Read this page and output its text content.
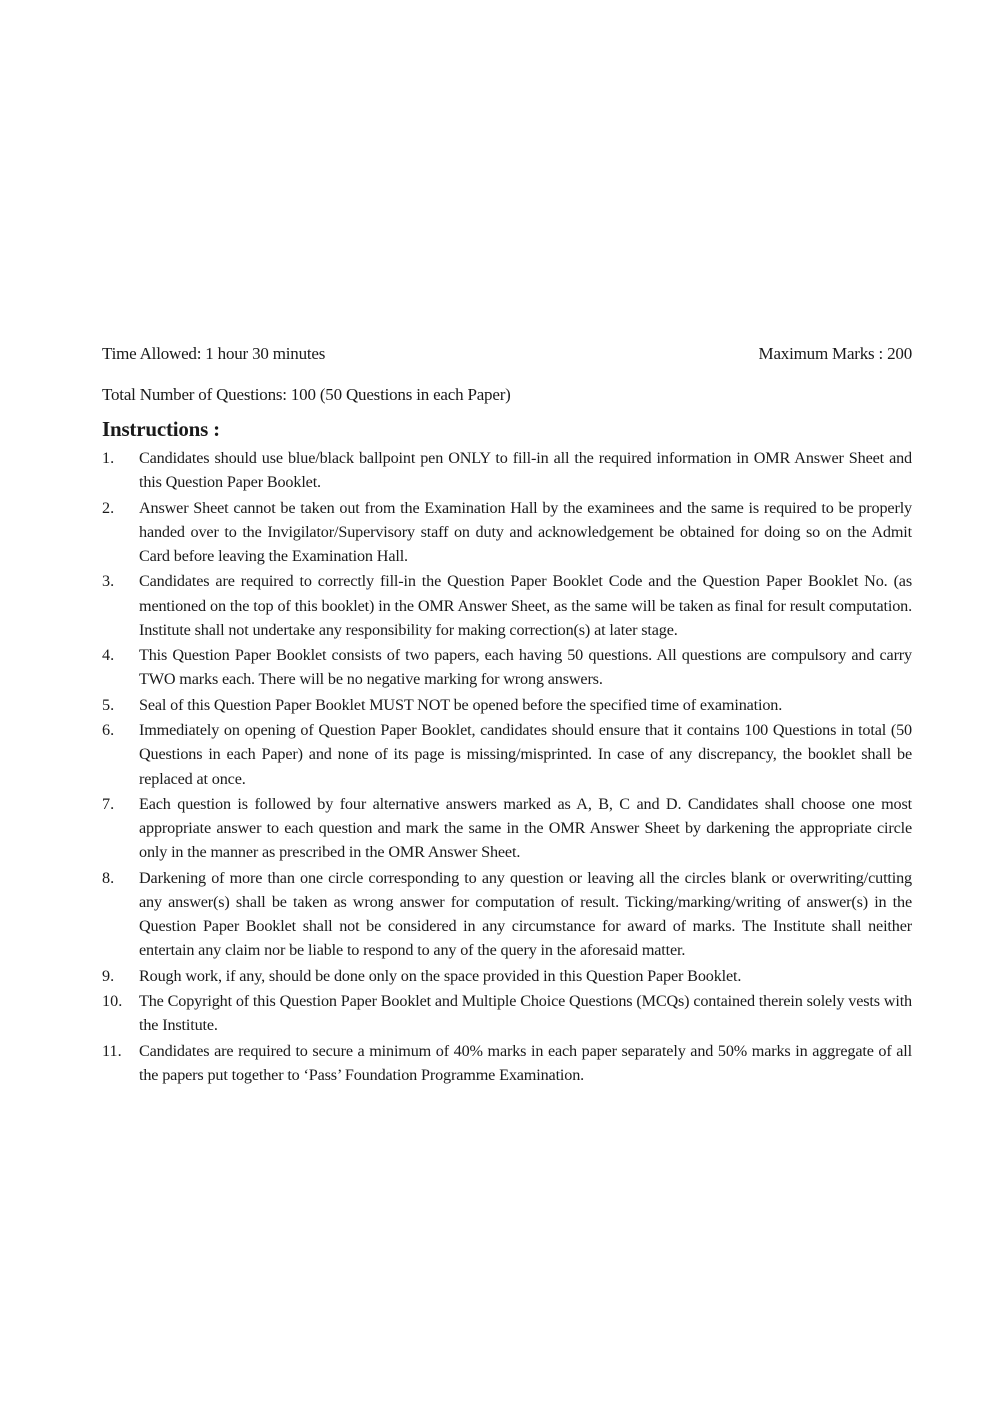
Time Allowed: 1 hour 30 minutes	Maximum Marks : 200
Total Number of Questions: 100 (50 Questions in each Paper)
Instructions :
1.	Candidates should use blue/black ballpoint pen ONLY to fill-in all the required information in OMR Answer Sheet and this Question Paper Booklet.
2.	Answer Sheet cannot be taken out from the Examination Hall by the examinees and the same is required to be properly handed over to the Invigilator/Supervisory staff on duty and acknowledgement be obtained for doing so on the Admit Card before leaving the Examination Hall.
3.	Candidates are required to correctly fill-in the Question Paper Booklet Code and the Question Paper Booklet No. (as mentioned on the top of this booklet) in the OMR Answer Sheet, as the same will be taken as final for result computation. Institute shall not undertake any responsibility for making correction(s) at later stage.
4.	This Question Paper Booklet consists of two papers, each having 50 questions. All questions are compulsory and carry TWO marks each. There will be no negative marking for wrong answers.
5.	Seal of this Question Paper Booklet MUST NOT be opened before the specified time of examination.
6.	Immediately on opening of Question Paper Booklet, candidates should ensure that it contains 100 Questions in total (50 Questions in each Paper) and none of its page is missing/misprinted. In case of any discrepancy, the booklet shall be replaced at once.
7.	Each question is followed by four alternative answers marked as A, B, C and D. Candidates shall choose one most appropriate answer to each question and mark the same in the OMR Answer Sheet by darkening the appropriate circle only in the manner as prescribed in the OMR Answer Sheet.
8.	Darkening of more than one circle corresponding to any question or leaving all the circles blank or overwriting/cutting any answer(s) shall be taken as wrong answer for computation of result. Ticking/marking/writing of answer(s) in the Question Paper Booklet shall not be considered in any circumstance for award of marks. The Institute shall neither entertain any claim nor be liable to respond to any of the query in the aforesaid matter.
9.	Rough work, if any, should be done only on the space provided in this Question Paper Booklet.
10.	The Copyright of this Question Paper Booklet and Multiple Choice Questions (MCQs) contained therein solely vests with the Institute.
11.	Candidates are required to secure a minimum of 40% marks in each paper separately and 50% marks in aggregate of all the papers put together to ‘Pass’ Foundation Programme Examination.
